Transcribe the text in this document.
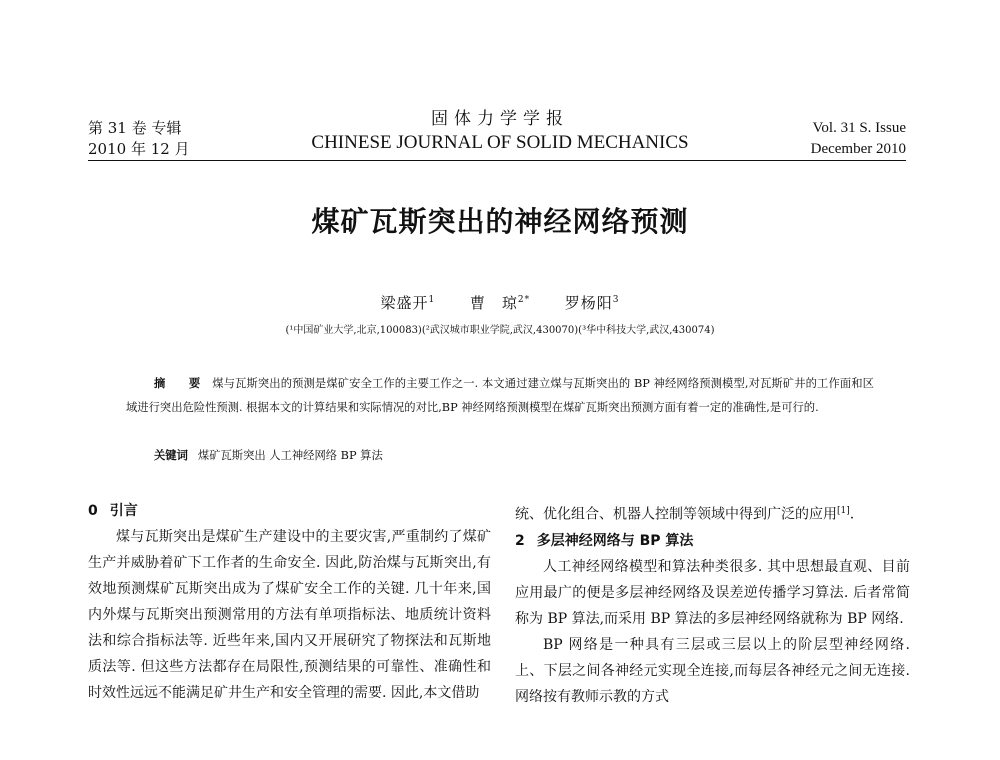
第 31 卷 专辑
2010 年 12 月
固体力学学报
CHINESE JOURNAL OF SOLID MECHANICS
Vol. 31 S. Issue
December 2010
煤矿瓦斯突出的神经网络预测
梁盛开$^1$ 曹　琼$^{2*}$ 罗杨阳$^3$
(¹中国矿业大学,北京,100083)(²武汉城市职业学院,武汉,430070)(³华中科技大学,武汉,430074)
摘　要 煤与瓦斯突出的预测是煤矿安全工作的主要工作之一. 本文通过建立煤与瓦斯突出的 BP 神经网络预测模型,对瓦斯矿井的工作面和区域进行突出危险性预测. 根据本文的计算结果和实际情况的对比,BP 神经网络预测模型在煤矿瓦斯突出预测方面有着一定的准确性,是可行的.
关键词 煤矿瓦斯突出 人工神经网络 BP 算法
0 引言

煤与瓦斯突出是煤矿生产建设中的主要灾害,严重制约了煤矿生产并威胁着矿下工作者的生命安全. 因此,防治煤与瓦斯突出,有效地预测煤矿瓦斯突出成为了煤矿安全工作的关键. 几十年来,国内外煤与瓦斯突出预测常用的方法有单项指标法、地质统计资料法和综合指标法等. 近些年来,国内又开展研究了物探法和瓦斯地质法等. 但这些方法都存在局限性,预测结果的可靠性、准确性和时效性远远不能满足矿井生产和安全管理的需要. 因此,本文借助

统、优化组合、机器人控制等领域中得到广泛的应用[1].

2 多层神经网络与 BP 算法

人工神经网络模型和算法种类很多. 其中思想最直观、目前应用最广的便是多层神经网络及误差逆传播学习算法. 后者常简称为 BP 算法,而采用 BP 算法的多层神经网络就称为 BP 网络.

BP 网络是一种具有三层或三层以上的阶层型神经网络. 上、下层之间各神经元实现全连接,而每层各神经元之间无连接. 网络按有教师示教的方式
